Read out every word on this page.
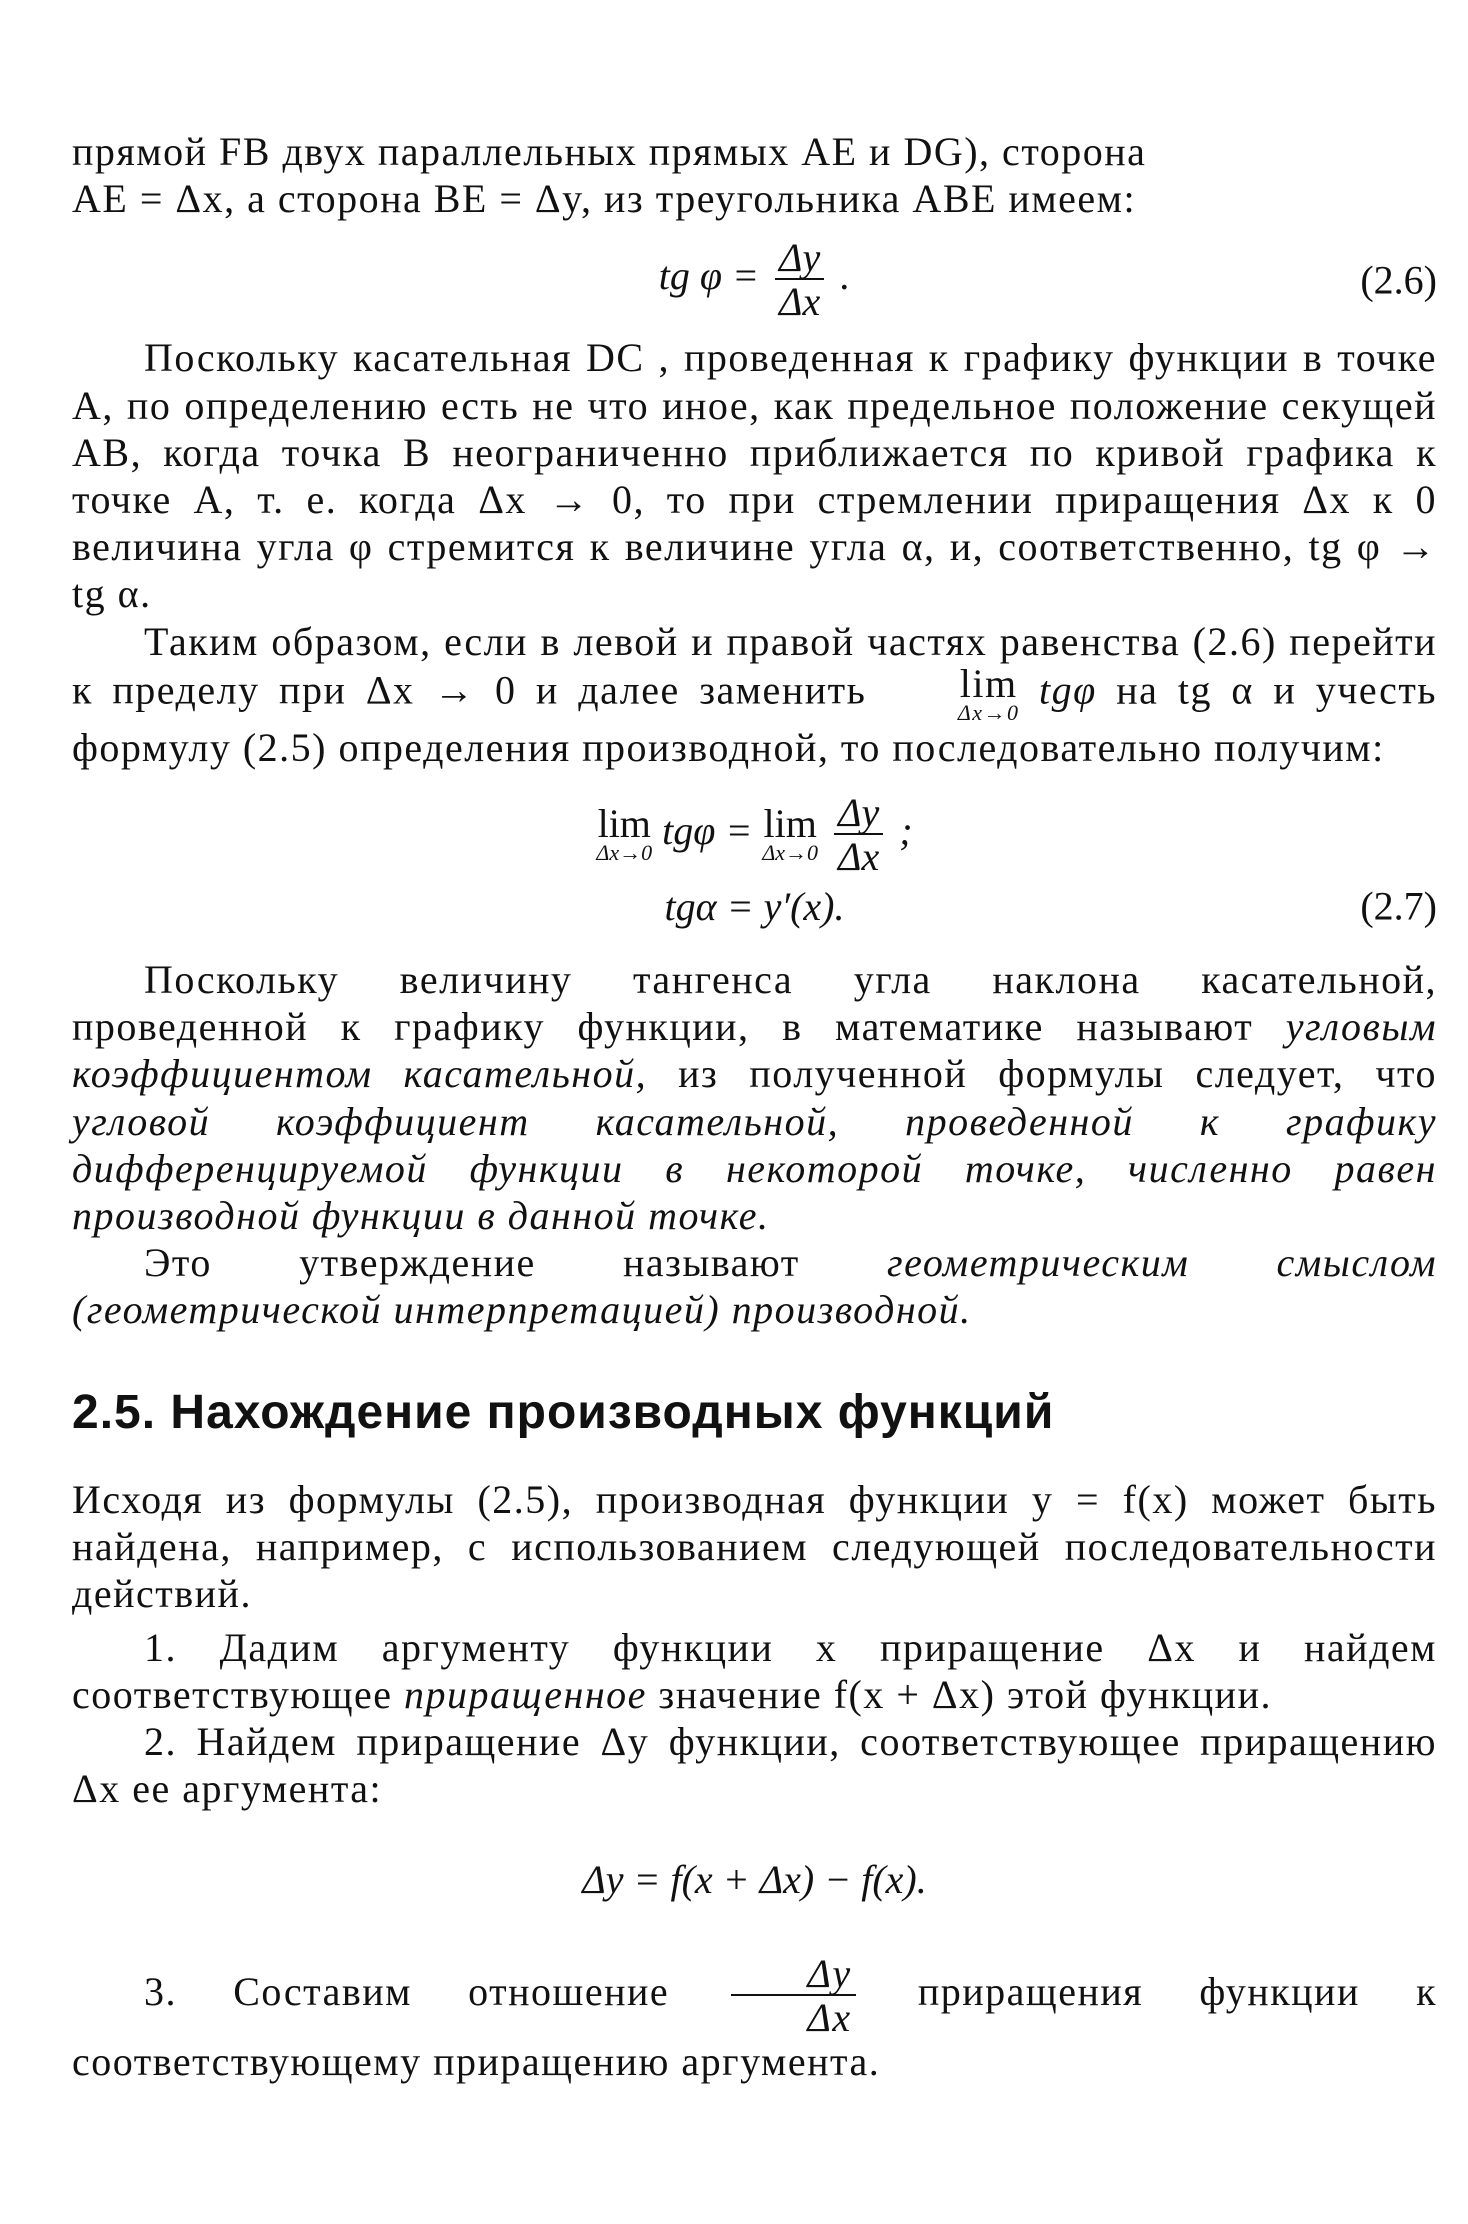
прямой FB двух параллельных прямых AE и DG), сторона
AE = Δx, а сторона BE = Δy, из треугольника ABE имеем:

tg $\varphi = \frac{\Delta y}{\Delta x}$ .	(2.6)

Поскольку касательная DC , проведенная к графику функции в точке A, по определению есть не что иное, как предельное положение секущей AB, когда точка B неограниченно приближается по кривой графика к точке A, т. е. когда Δx → 0, то при стремлении приращения Δx к 0 величина угла φ стремится к величине угла α, и, соответственно, tg φ → tg α.

Таким образом, если в левой и правой частях равенства (2.6) перейти к пределу при Δx → 0 и далее заменить lim
Δx→0 tgφ на tg α и учесть формулу (2.5) определения производной, то последовательно получим:

lim
Δx→0 tgφ = lim
Δx→0
$\frac{\Delta y}{\Delta x}$ ;
tgα = y′(x).	(2.7)

Поскольку величину тангенса угла наклона касательной, проведенной к графику функции, в математике называют угловым коэффициентом касательной, из полученной формулы следует, что угловой коэффициент касательной, проведенной к графику дифференцируемой функции в некоторой точке, численно равен производной функции в данной точке.

Это утверждение называют геометрическим смыслом (геометрической интерпретацией) производной.

2.5. Нахождение производных функций

Исходя из формулы (2.5), производная функции y = f(x) может быть найдена, например, с использованием следующей последовательности действий.

1. Дадим аргументу функции x приращение Δx и найдем соответствующее приращенное значение f(x + Δx) этой функции.

2. Найдем приращение Δy функции, соответствующее приращению Δx ее аргумента:

Δy = f(x + Δx) − f(x).

3. Составим отношение $\frac{\Delta y}{\Delta x}$ приращения функции к соответствующему приращению аргумента.
